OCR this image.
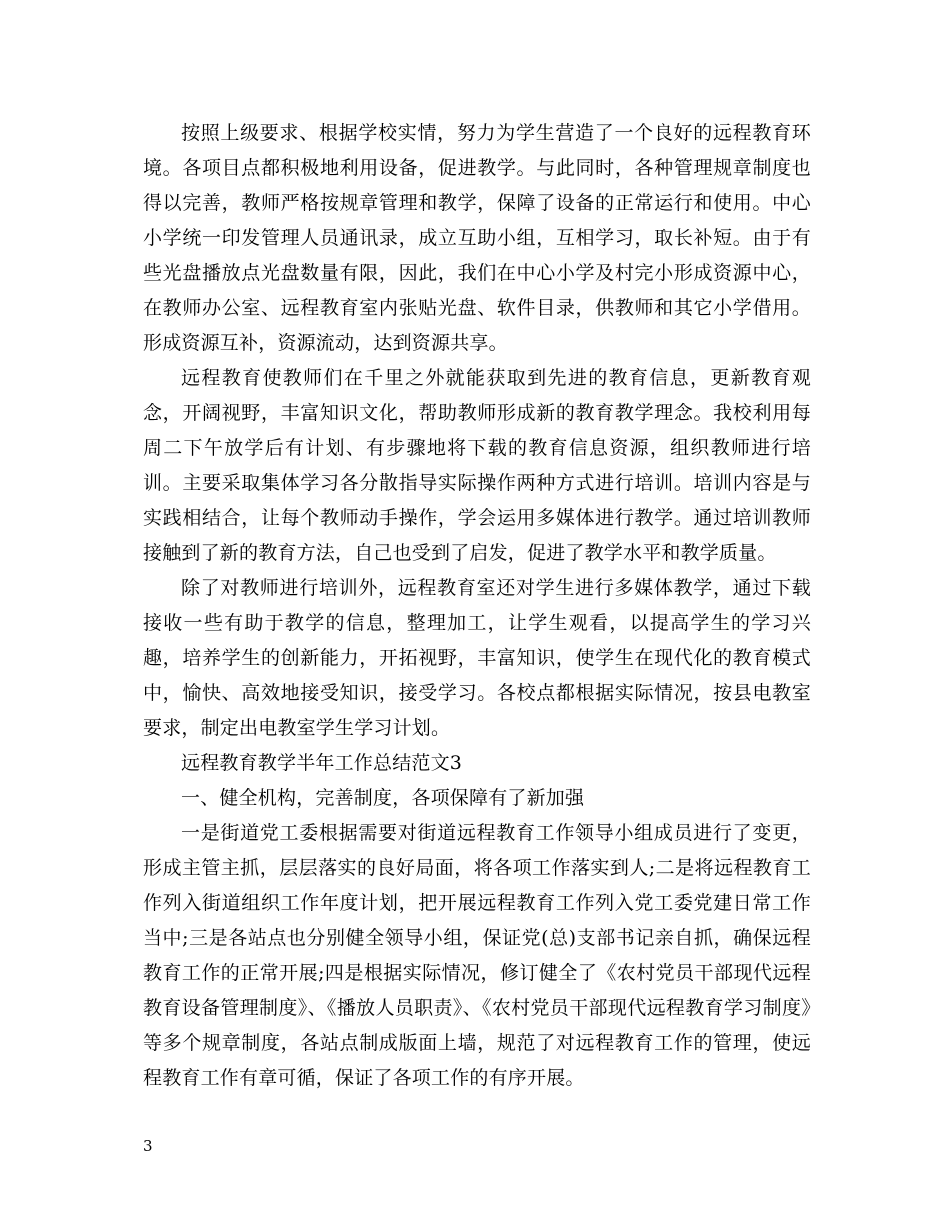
按照上级要求、根据学校实情，努力为学生营造了一个良好的远程教育环境。各项目点都积极地利用设备，促进教学。与此同时，各种管理规章制度也得以完善，教师严格按规章管理和教学，保障了设备的正常运行和使用。中心小学统一印发管理人员通讯录，成立互助小组，互相学习，取长补短。由于有些光盘播放点光盘数量有限，因此，我们在中心小学及村完小形成资源中心，在教师办公室、远程教育室内张贴光盘、软件目录，供教师和其它小学借用。形成资源互补，资源流动，达到资源共享。

远程教育使教师们在千里之外就能获取到先进的教育信息，更新教育观念，开阔视野，丰富知识文化，帮助教师形成新的教育教学理念。我校利用每周二下午放学后有计划、有步骤地将下载的教育信息资源，组织教师进行培训。主要采取集体学习各分散指导实际操作两种方式进行培训。培训内容是与实践相结合，让每个教师动手操作，学会运用多媒体进行教学。通过培训教师接触到了新的教育方法，自己也受到了启发，促进了教学水平和教学质量。

除了对教师进行培训外，远程教育室还对学生进行多媒体教学，通过下载接收一些有助于教学的信息，整理加工，让学生观看，以提高学生的学习兴趣，培养学生的创新能力，开拓视野，丰富知识，使学生在现代化的教育模式中，愉快、高效地接受知识，接受学习。各校点都根据实际情况，按县电教室要求，制定出电教室学生学习计划。

远程教育教学半年工作总结范文3

一、健全机构，完善制度，各项保障有了新加强

一是街道党工委根据需要对街道远程教育工作领导小组成员进行了变更，形成主管主抓，层层落实的良好局面，将各项工作落实到人;二是将远程教育工作列入街道组织工作年度计划，把开展远程教育工作列入党工委党建日常工作当中;三是各站点也分别健全领导小组，保证党(总)支部书记亲自抓，确保远程教育工作的正常开展;四是根据实际情况，修订健全了《农村党员干部现代远程教育设备管理制度》、《播放人员职责》、《农村党员干部现代远程教育学习制度》等多个规章制度，各站点制成版面上墙，规范了对远程教育工作的管理，使远程教育工作有章可循，保证了各项工作的有序开展。

3
